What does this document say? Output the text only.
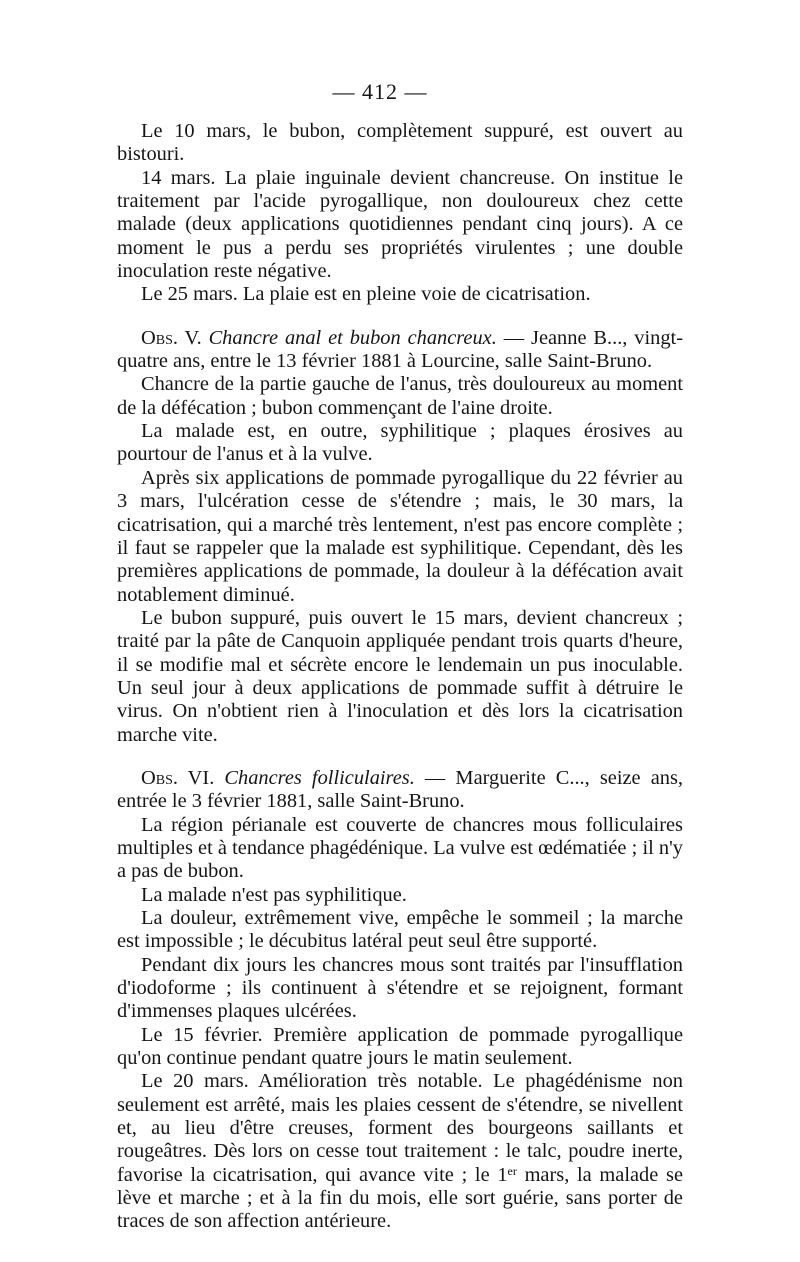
— 412 —

Le 10 mars, le bubon, complètement suppuré, est ouvert au bistouri.

14 mars. La plaie inguinale devient chancreuse. On institue le traitement par l'acide pyrogallique, non douloureux chez cette malade (deux applications quotidiennes pendant cinq jours). A ce moment le pus a perdu ses propriétés virulentes ; une double inoculation reste négative.

Le 25 mars. La plaie est en pleine voie de cicatrisation.

Obs. V. Chancre anal et bubon chancreux. — Jeanne B..., vingt-quatre ans, entre le 13 février 1881 à Lourcine, salle Saint-Bruno.

Chancre de la partie gauche de l'anus, très douloureux au moment de la défécation ; bubon commençant de l'aine droite.

La malade est, en outre, syphilitique ; plaques érosives au pourtour de l'anus et à la vulve.

Après six applications de pommade pyrogallique du 22 février au 3 mars, l'ulcération cesse de s'étendre ; mais, le 30 mars, la cicatrisation, qui a marché très lentement, n'est pas encore complète ; il faut se rappeler que la malade est syphilitique. Cependant, dès les premières applications de pommade, la douleur à la défécation avait notablement diminué.

Le bubon suppuré, puis ouvert le 15 mars, devient chancreux ; traité par la pâte de Canquoin appliquée pendant trois quarts d'heure, il se modifie mal et sécrète encore le lendemain un pus inoculable. Un seul jour à deux applications de pommade suffit à détruire le virus. On n'obtient rien à l'inoculation et dès lors la cicatrisation marche vite.

Obs. VI. Chancres folliculaires. — Marguerite C..., seize ans, entrée le 3 février 1881, salle Saint-Bruno.

La région périanale est couverte de chancres mous folliculaires multiples et à tendance phagédénique. La vulve est œdématiée ; il n'y a pas de bubon.

La malade n'est pas syphilitique.

La douleur, extrêmement vive, empêche le sommeil ; la marche est impossible ; le décubitus latéral peut seul être supporté.

Pendant dix jours les chancres mous sont traités par l'insufflation d'iodoforme ; ils continuent à s'étendre et se rejoignent, formant d'immenses plaques ulcérées.

Le 15 février. Première application de pommade pyrogallique qu'on continue pendant quatre jours le matin seulement.

Le 20 mars. Amélioration très notable. Le phagédénisme non seulement est arrêté, mais les plaies cessent de s'étendre, se nivellent et, au lieu d'être creuses, forment des bourgeons saillants et rougeâtres. Dès lors on cesse tout traitement : le talc, poudre inerte, favorise la cicatrisation, qui avance vite ; le 1er mars, la malade se lève et marche ; et à la fin du mois, elle sort guérie, sans porter de traces de son affection antérieure.
